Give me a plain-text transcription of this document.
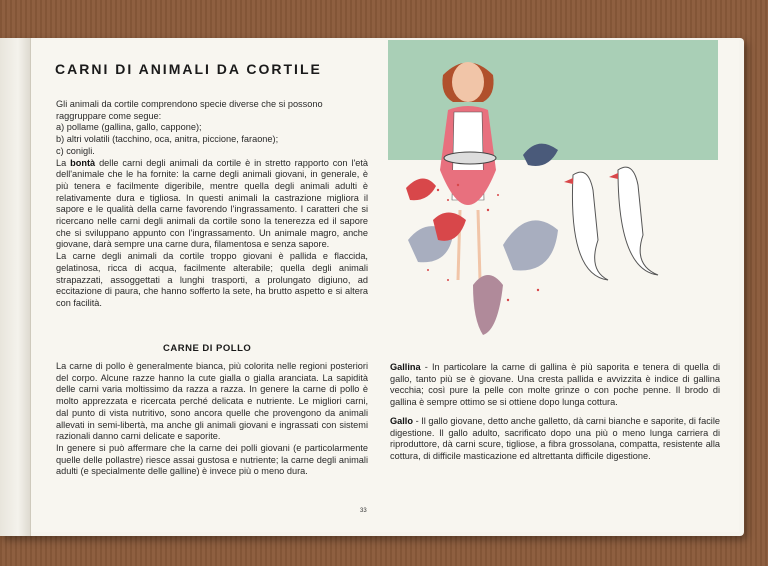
CARNI DI ANIMALI DA CORTILE

Gli animali da cortile comprendono specie diverse che si possono

raggruppare come segue:

a) pollame (gallina, gallo, cappone);

b) altri volatili (tacchino, oca, anitra, piccione, faraone);

c) conigli.

La bontà delle carni degli animali da cortile è in stretto rapporto con l'età dell'animale che le ha fornite: la carne degli animali giovani, in generale, è più tenera e facilmente digeribile, mentre quella degli animali adulti è relativamente dura e tigliosa. In questi animali la castrazione migliora il sapore e le qualità della carne favorendo l'ingrassamento. I caratteri che si ricercano nelle carni degli animali da cortile sono la tenerezza ed il sapore che si sviluppano appunto con l'ingrassamento. Un animale magro, anche giovane, darà sempre una carne dura, filamentosa e senza sapore.

La carne degli animali da cortile troppo giovani è pallida e flaccida, gelatinosa, ricca di acqua, facilmente alterabile; quella degli animali strapazzati, assoggettati a lunghi trasporti, a prolungato digiuno, ad eccitazione di paura, che hanno sofferto la sete, ha brutto aspetto e si altera con facilità.

CARNE DI POLLO

La carne di pollo è generalmente bianca, più colorita nelle regioni posteriori del corpo. Alcune razze hanno la cute gialla o gialla aranciata. La sapidità delle carni varia moltissimo da razza a razza. In genere la carne di pollo è molto apprezzata e ricercata perché delicata e nutriente. Le migliori carni, dal punto di vista nutritivo, sono ancora quelle che provengono da animali allevati in semi-libertà, ma anche gli animali giovani e ingrassati con sistemi razionali danno carni delicate e saporite.

In genere si può affermare che la carne dei polli giovani (e particolarmente quelle delle pollastre) riesce assai gustosa e nutriente; la carne degli animali adulti (e specialmente delle galline) è invece più o meno dura.

Gallina - In particolare la carne di gallina è più saporita e tenera di quella di gallo, tanto più se è giovane. Una cresta pallida e avvizzita è indice di gallina vecchia; così pure la pelle con molte grinze o con poche penne. Il brodo di gallina è sempre ottimo se si ottiene dopo lunga cottura.

Gallo - Il gallo giovane, detto anche galletto, dà carni bianche e saporite, di facile digestione. Il gallo adulto, sacrificato dopo una più o meno lunga carriera di riproduttore, dà carni scure, tigliose, a fibra grossolana, compatta, resistente alla cottura, di difficile masticazione ed altrettanta difficile digestione.

33
